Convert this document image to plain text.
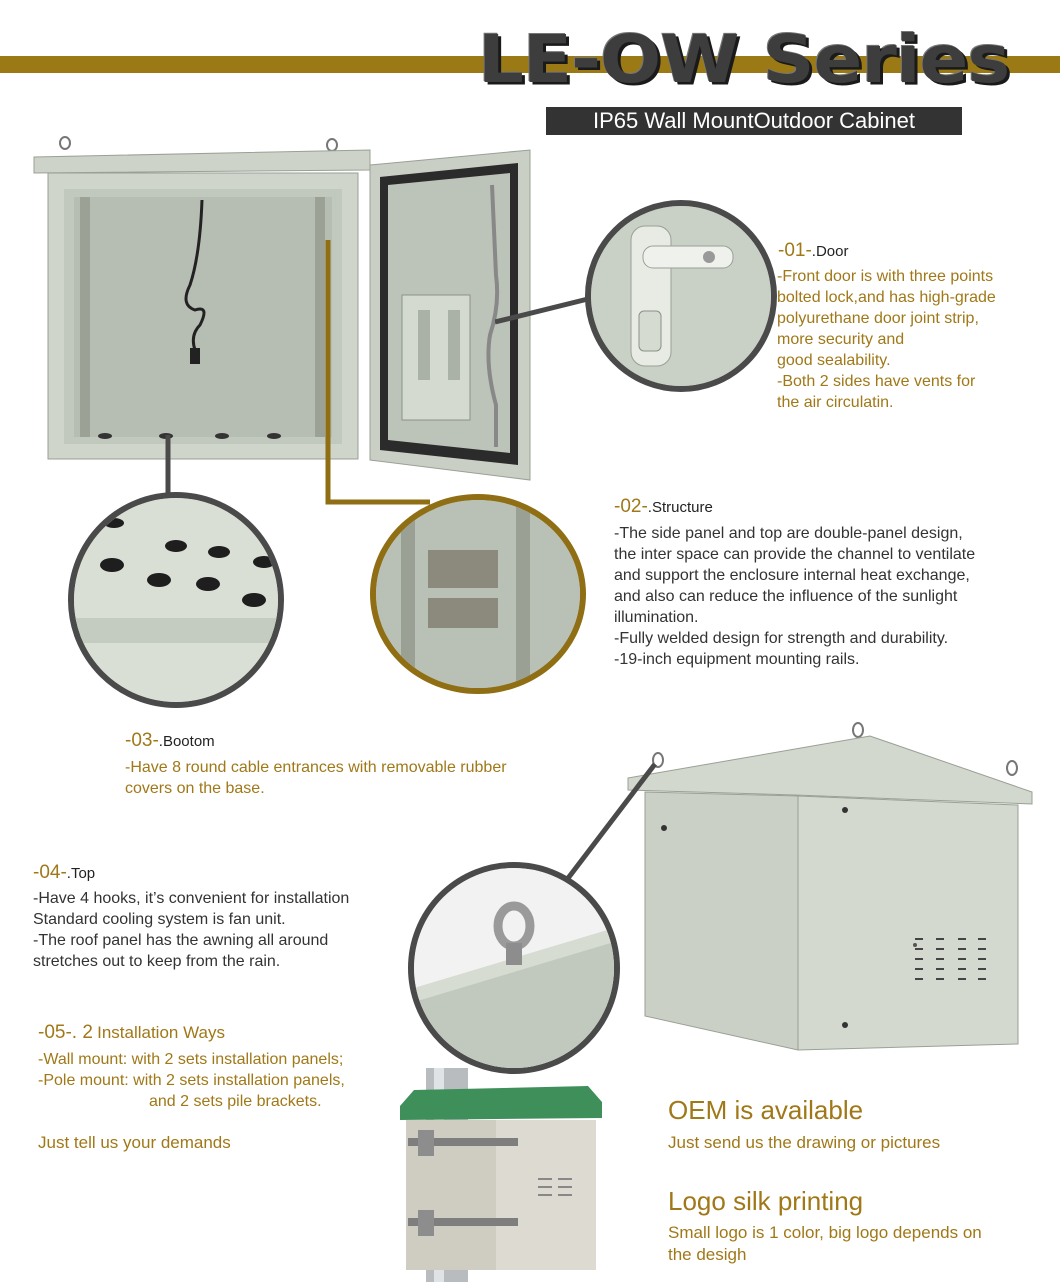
LE-OW Series
IP65 Wall MountOutdoor Cabinet
-01-.Door
-Front door is with three points
bolted lock,and has high-grade
polyurethane door joint strip,
more security and
good sealability.
-Both 2 sides have vents for
the air circulatin.
-02-.Structure
-The side panel and top are double-panel design,
the inter space can provide the channel to ventilate
and support the enclosure internal heat exchange,
and also can reduce the influence of the sunlight
illumination.
-Fully welded design for strength and durability.
-19-inch equipment mounting rails.
-03-.Bootom
-Have 8 round cable entrances with removable rubber
covers on the base.
-04-.Top
-Have 4 hooks, it’s convenient for installation
Standard cooling system is fan unit.
-The roof panel has the awning all around
stretches out to keep from the rain.
-05-. 2 Installation Ways
-Wall mount: with 2 sets installation panels;
-Pole mount: with 2 sets installation panels,
and 2 sets pile brackets.
Just tell us your demands
OEM is available
Just send us the drawing or pictures
Logo silk printing
Small logo is 1 color, big logo depends on
the desigh
